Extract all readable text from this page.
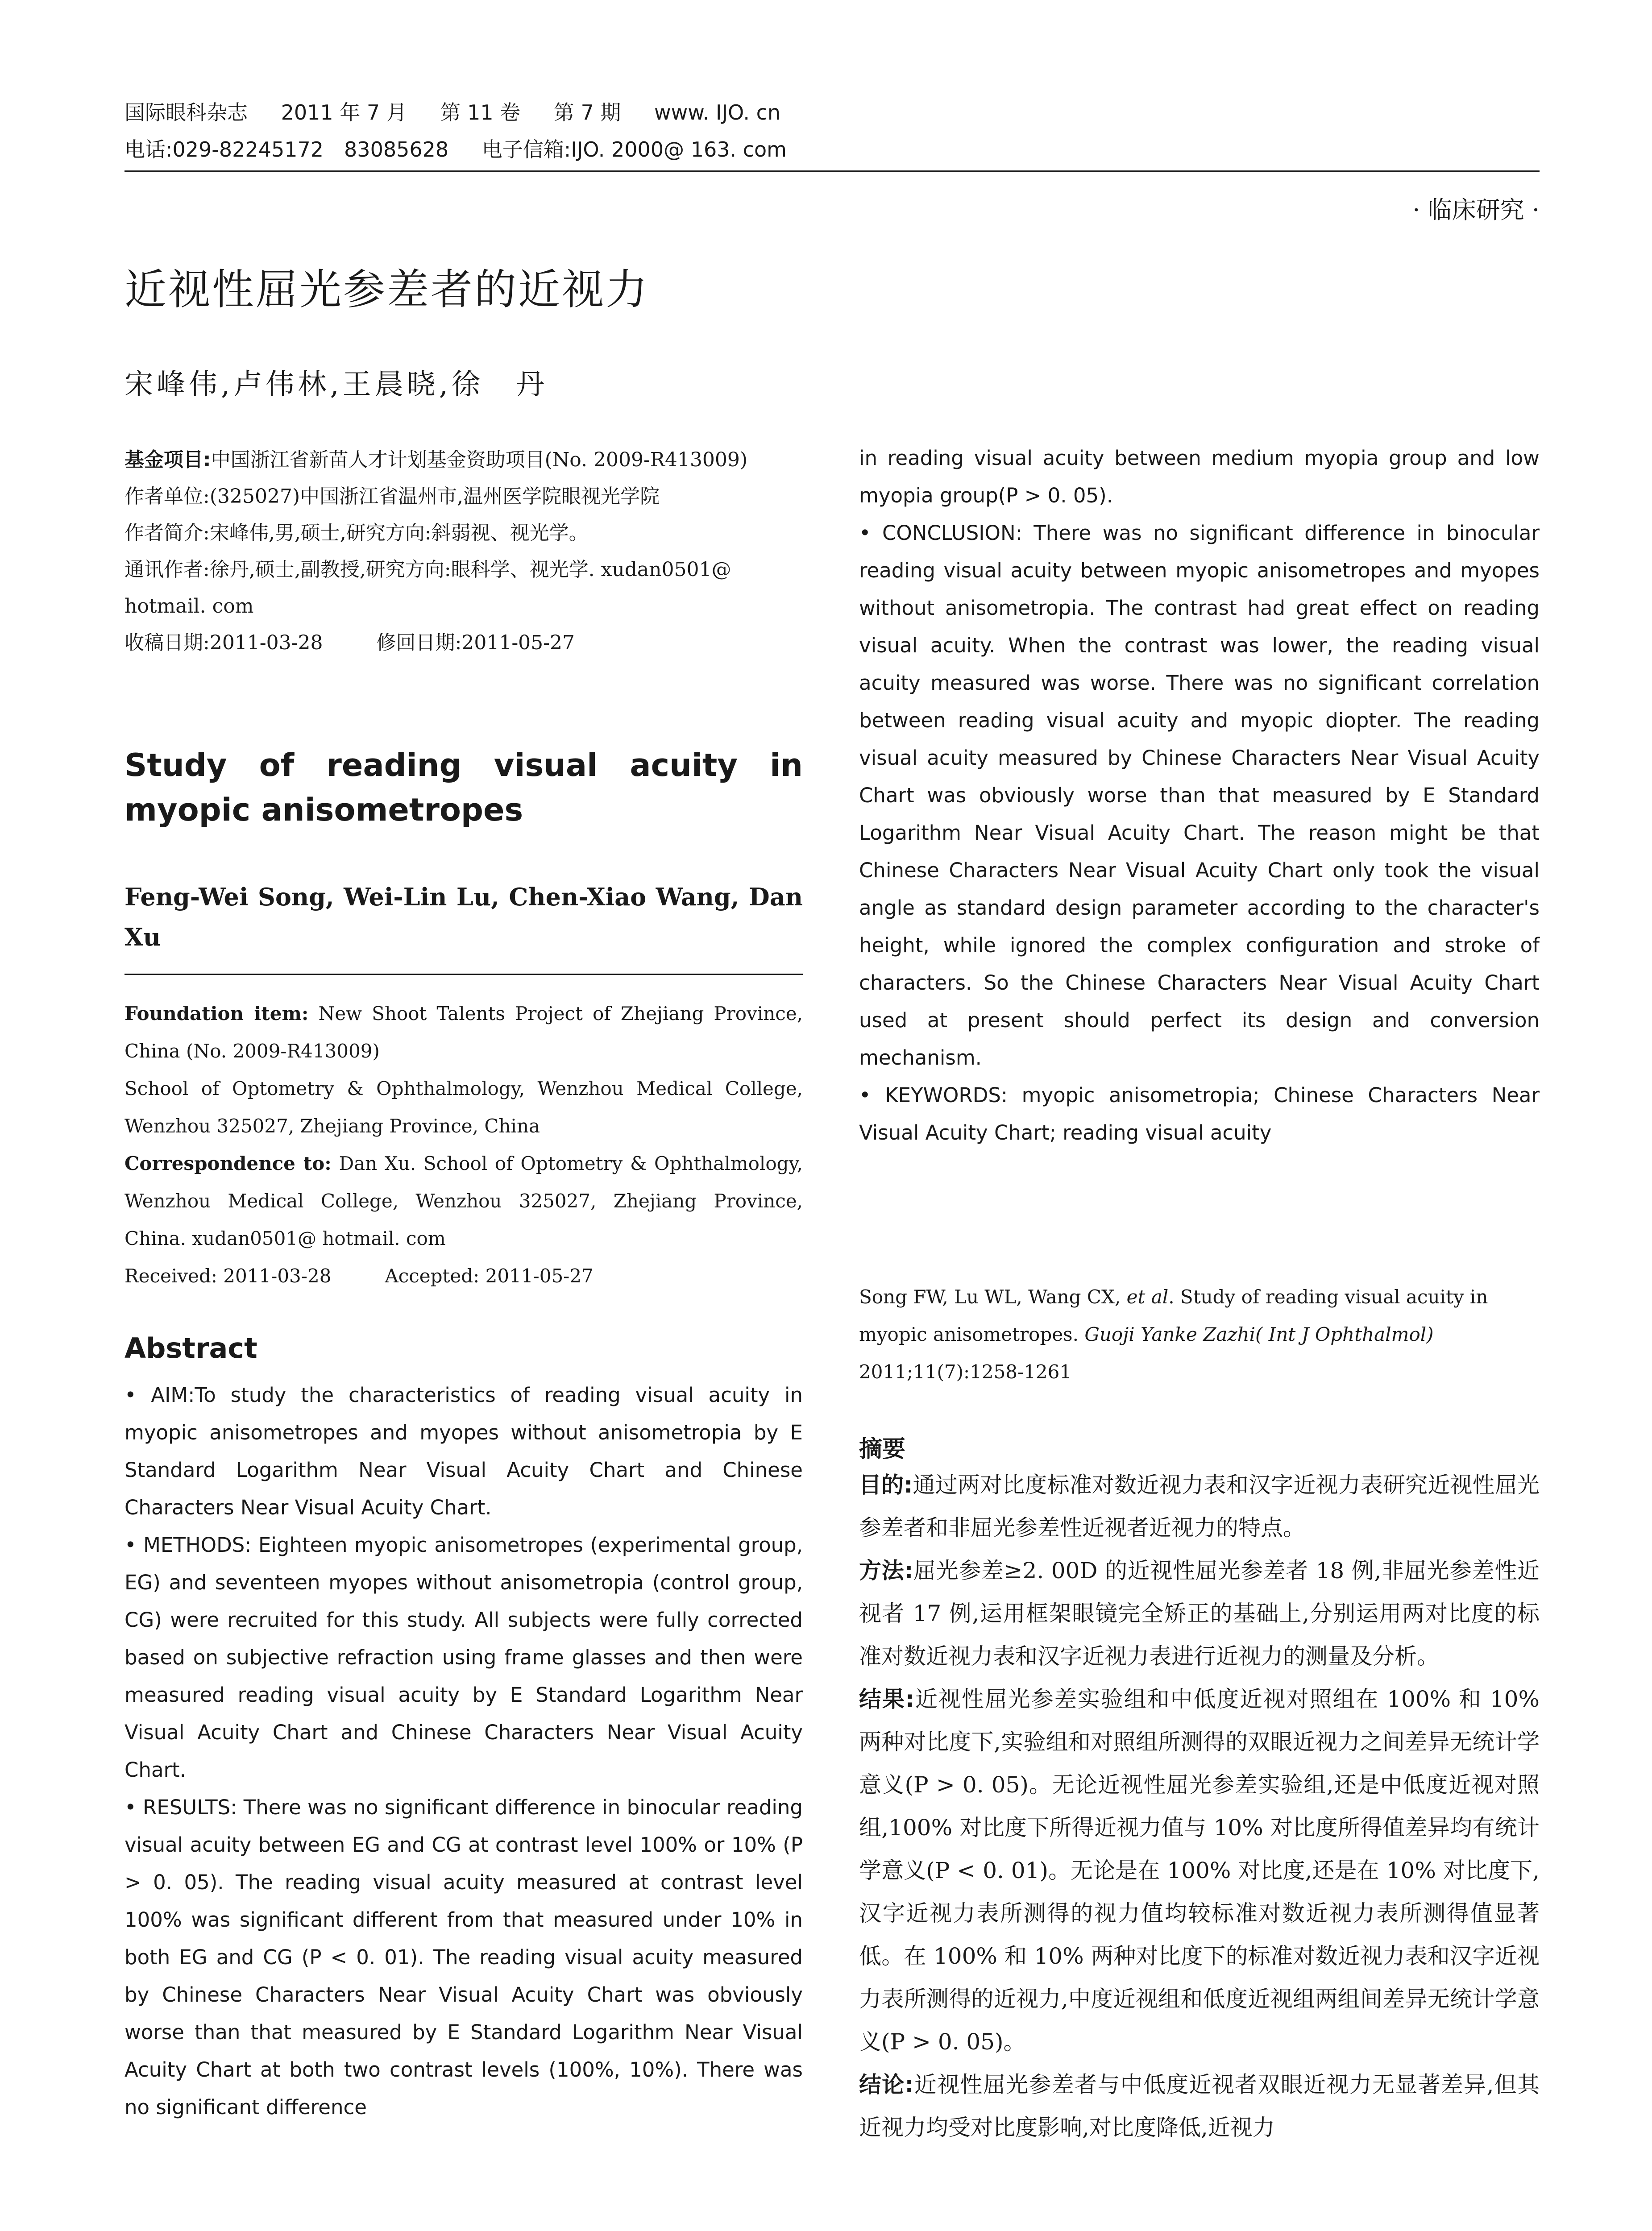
国际眼科杂志 2011 年 7 月 第 11 卷 第 7 期 www. IJO. cn
电话:029-82245172　83085628 电子信箱:IJO. 2000@ 163. com
· 临床研究 ·
近视性屈光参差者的近视力
宋峰伟,卢伟林,王晨晓,徐　丹

基金项目:中国浙江省新苗人才计划基金资助项目(No. 2009-R413009)

作者单位:(325027)中国浙江省温州市,温州医学院眼视光学院

作者简介:宋峰伟,男,硕士,研究方向:斜弱视、视光学。

通讯作者:徐丹,硕士,副教授,研究方向:眼科学、视光学. xudan0501@ hotmail. com

收稿日期:2011-03-28	修回日期:2011-05-27

Study of reading visual acuity in myopic anisometropes
Feng-Wei Song, Wei-Lin Lu, Chen-Xiao Wang, Dan Xu

Foundation item: New Shoot Talents Project of Zhejiang Province, China (No. 2009-R413009)

School of Optometry & Ophthalmology, Wenzhou Medical College, Wenzhou 325027, Zhejiang Province, China

Correspondence to: Dan Xu. School of Optometry & Ophthalmology, Wenzhou Medical College, Wenzhou 325027, Zhejiang Province, China. xudan0501@ hotmail. com

Received: 2011-03-28	Accepted: 2011-05-27

Abstract

• AIM:To study the characteristics of reading visual acuity in myopic anisometropes and myopes without anisometropia by E Standard Logarithm Near Visual Acuity Chart and Chinese Characters Near Visual Acuity Chart.

• METHODS: Eighteen myopic anisometropes (experimental group, EG) and seventeen myopes without anisometropia (control group, CG) were recruited for this study. All subjects were fully corrected based on subjective refraction using frame glasses and then were measured reading visual acuity by E Standard Logarithm Near Visual Acuity Chart and Chinese Characters Near Visual Acuity Chart.

• RESULTS: There was no significant difference in binocular reading visual acuity between EG and CG at contrast level 100% or 10% (P > 0. 05). The reading visual acuity measured at contrast level 100% was significant different from that measured under 10% in both EG and CG (P < 0. 01). The reading visual acuity measured by Chinese Characters Near Visual Acuity Chart was obviously worse than that measured by E Standard Logarithm Near Visual Acuity Chart at both two contrast levels (100%, 10%). There was no significant difference

in reading visual acuity between medium myopia group and low myopia group(P > 0. 05).

• CONCLUSION: There was no significant difference in binocular reading visual acuity between myopic anisometropes and myopes without anisometropia. The contrast had great effect on reading visual acuity. When the contrast was lower, the reading visual acuity measured was worse. There was no significant correlation between reading visual acuity and myopic diopter. The reading visual acuity measured by Chinese Characters Near Visual Acuity Chart was obviously worse than that measured by E Standard Logarithm Near Visual Acuity Chart. The reason might be that Chinese Characters Near Visual Acuity Chart only took the visual angle as standard design parameter according to the character's height, while ignored the complex configuration and stroke of characters. So the Chinese Characters Near Visual Acuity Chart used at present should perfect its design and conversion mechanism.

• KEYWORDS: myopic anisometropia; Chinese Characters Near Visual Acuity Chart; reading visual acuity

Song FW, Lu WL, Wang CX, et al. Study of reading visual acuity in myopic anisometropes. Guoji Yanke Zazhi( Int J Ophthalmol) 2011;11(7):1258-1261
摘要

目的:通过两对比度标准对数近视力表和汉字近视力表研究近视性屈光参差者和非屈光参差性近视者近视力的特点。

方法:屈光参差≥2. 00D 的近视性屈光参差者 18 例,非屈光参差性近视者 17 例,运用框架眼镜完全矫正的基础上,分别运用两对比度的标准对数近视力表和汉字近视力表进行近视力的测量及分析。

结果:近视性屈光参差实验组和中低度近视对照组在 100% 和 10% 两种对比度下,实验组和对照组所测得的双眼近视力之间差异无统计学意义(P > 0. 05)。无论近视性屈光参差实验组,还是中低度近视对照组,100% 对比度下所得近视力值与 10% 对比度所得值差异均有统计学意义(P < 0. 01)。无论是在 100% 对比度,还是在 10% 对比度下,汉字近视力表所测得的视力值均较标准对数近视力表所测得值显著低。在 100% 和 10% 两种对比度下的标准对数近视力表和汉字近视力表所测得的近视力,中度近视组和低度近视组两组间差异无统计学意义(P > 0. 05)。

结论:近视性屈光参差者与中低度近视者双眼近视力无显著差异,但其近视力均受对比度影响,对比度降低,近视力
